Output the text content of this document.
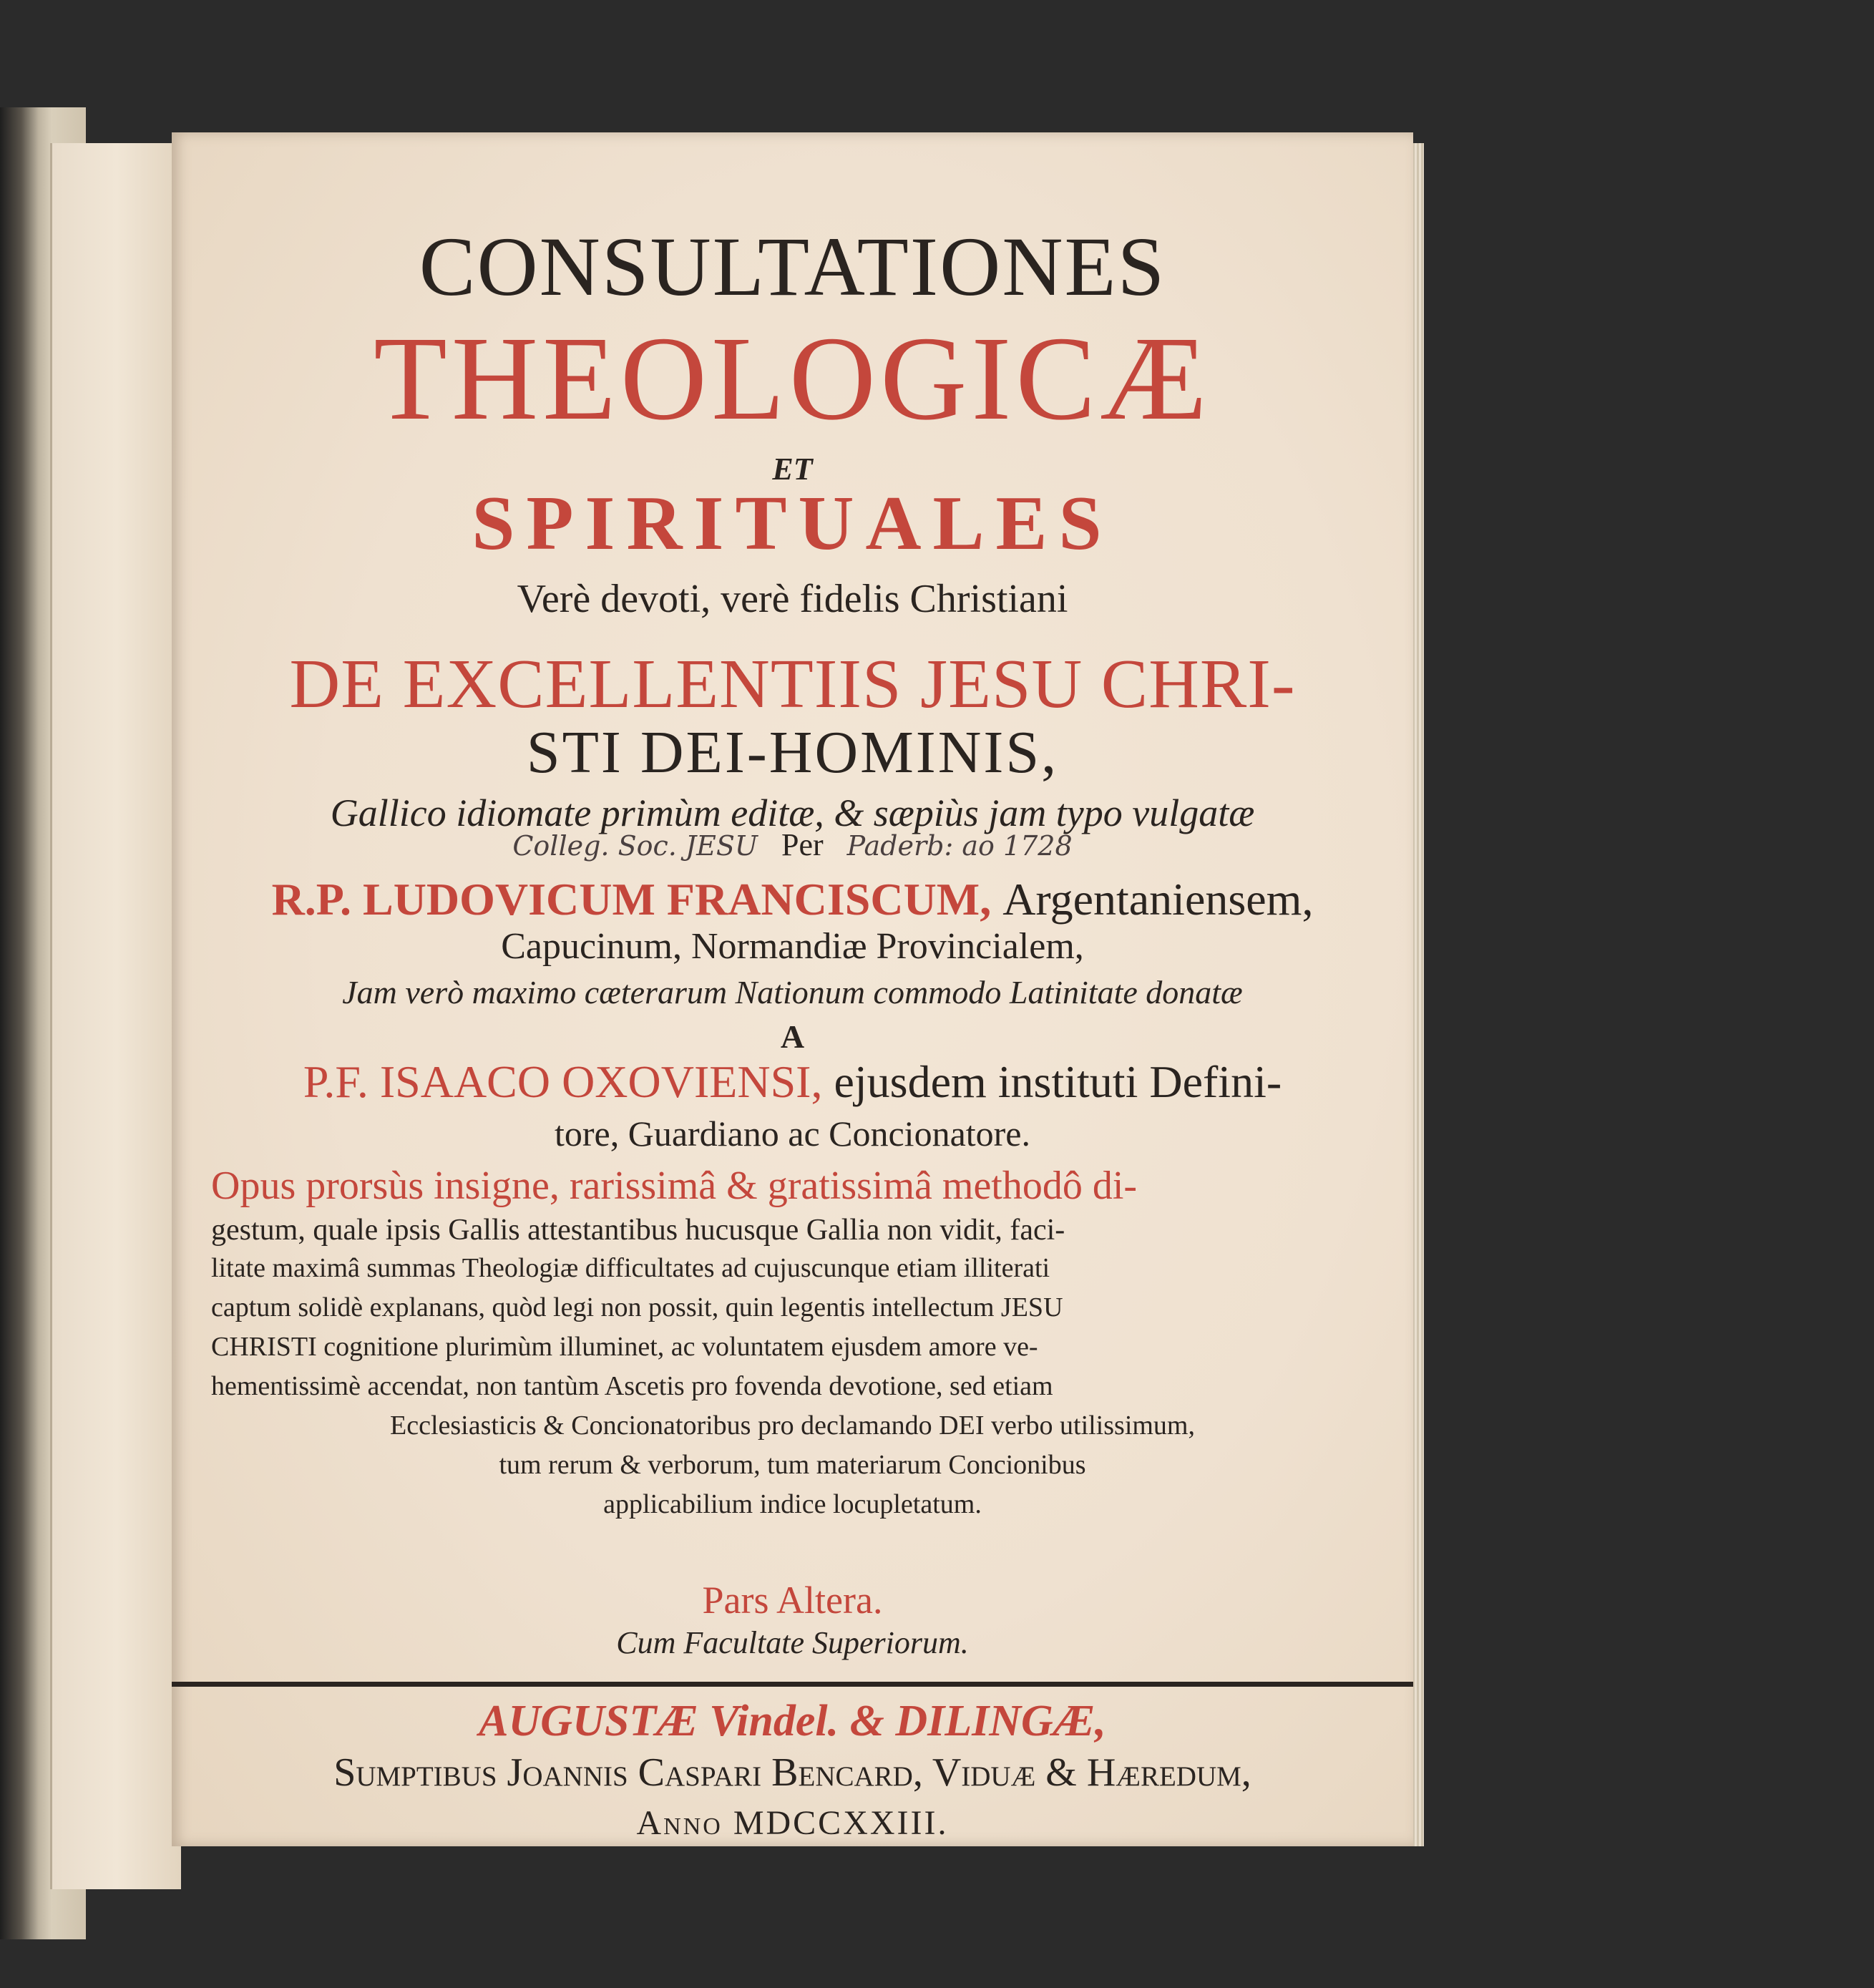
CONSULTATIONES
THEOLOGICÆ
ET
SPIRITUALES
Verè devoti, verè fidelis Christiani
DE EXCELLENTIIS JESU CHRI-
STI DEI-HOMINIS,
Gallico idiomate primùm editæ, & sæpiùs jam typo vulgatæ
Colleg. Soc. JESU Per Paderb: ao 1728
R.P. LUDOVICUM FRANCISCUM, Argentaniensem,
Capucinum, Normandiæ Provincialem,
Jam verò maximo cæterarum Nationum commodo Latinitate donatæ
A
P.F. ISAACO OXOVIENSI, ejusdem instituti Defini-
tore, Guardiano ac Concionatore.
Opus prorsùs insigne, rarissimâ & gratissimâ methodô di-
gestum, quale ipsis Gallis attestantibus hucusque Gallia non vidit, faci-
litate maximâ summas Theologiæ difficultates ad cujuscunque etiam illiterati
captum solidè explanans, quòd legi non possit, quin legentis intellectum JESU
CHRISTI cognitione plurimùm illuminet, ac voluntatem ejusdem amore ve-
hementissimè accendat, non tantùm Ascetis pro fovenda devotione, sed etiam
Ecclesiasticis & Concionatoribus pro declamando DEI verbo utilissimum,
tum rerum & verborum, tum materiarum Concionibus
applicabilium indice locupletatum.
Pars Altera.
Cum Facultate Superiorum.
AUGUSTÆ Vindel. & DILINGÆ,
Sumptibus Joannis Caspari Bencard, Viduæ & Hæredum,
Anno MDCCXXIII.
